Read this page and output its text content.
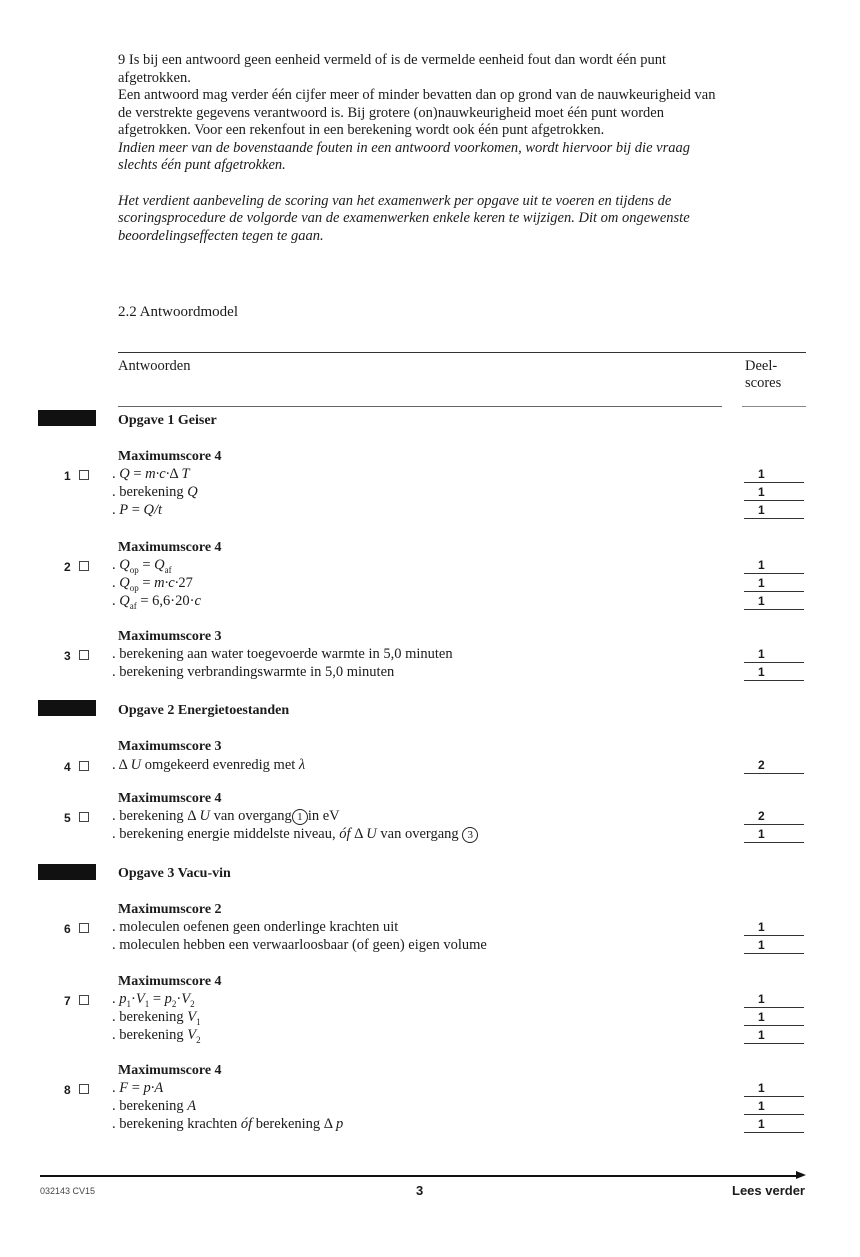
9 Is bij een antwoord geen eenheid vermeld of is de vermelde eenheid fout dan wordt één punt afgetrokken.

Een antwoord mag verder één cijfer meer of minder bevatten dan op grond van de nauwkeurigheid van de verstrekte gegevens verantwoord is. Bij grotere (on)nauwkeurigheid moet één punt worden afgetrokken. Voor een rekenfout in een berekening wordt ook één punt afgetrokken.

Indien meer van de bovenstaande fouten in een antwoord voorkomen, wordt hiervoor bij die vraag slechts één punt afgetrokken.

Het verdient aanbeveling de scoring van het examenwerk per opgave uit te voeren en tijdens de scoringsprocedure de volgorde van de examenwerken enkele keren te wijzigen. Dit om ongewenste beoordelingseffecten tegen te gaan.

2.2 Antwoordmodel
Antwoorden	Deel-
scores
Opgave 1 Geiser
Maximumscore 4
1	. Q = m·c·Δ T	1
. berekening Q	1
. P = Q/t	1
Maximumscore 4
2	. $Q_{op} = Q_{af}$	1
. $Q_{op} = m\cdot c\cdot 27$	1
. $Q_{af} = 6,6\cdot 20\cdot c$	1
Maximumscore 3
3	. berekening aan water toegevoerde warmte in 5,0 minuten	1
. berekening verbrandingswarmte in 5,0 minuten	1
Opgave 2 Energietoestanden
Maximumscore 3
4	. Δ U omgekeerd evenredig met λ	2
Maximumscore 4
5	. berekening Δ U van overgang 1 in eV	2
. berekening energie middelste niveau, óf Δ U van overgang 3	1
Opgave 3 Vacu-vin
Maximumscore 2
6	. moleculen oefenen geen onderlinge krachten uit	1
. moleculen hebben een verwaarloosbaar (of geen) eigen volume	1
Maximumscore 4
7	. $p_1\cdot V_1 = p_2\cdot V_2$	1
. berekening $V_1$	1
. berekening $V_2$	1
Maximumscore 4
8	. F = p·A	1
. berekening A	1
. berekening krachten óf berekening Δ p	1
032143 CV15	3	Lees verder
